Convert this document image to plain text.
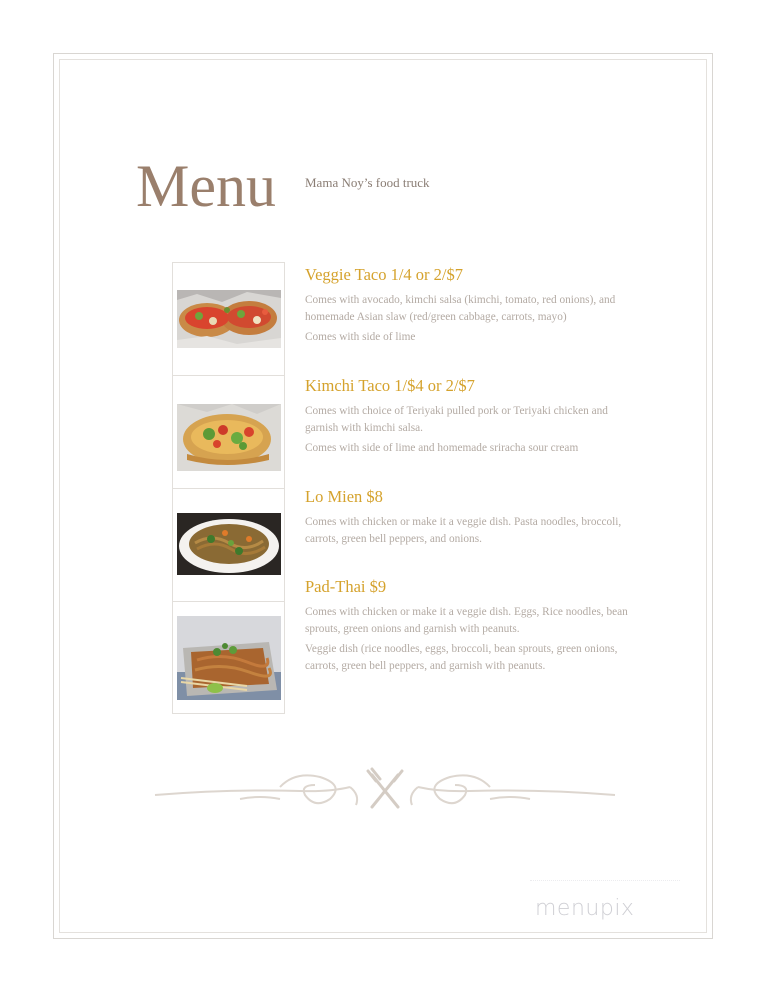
Menu Mama Noy’s food truck
Veggie Taco 1/4 or 2/$7

Comes with avocado, kimchi salsa (kimchi, tomato, red onions), and homemade Asian slaw (red/green cabbage, carrots, mayo)

Comes with side of lime

Kimchi Taco 1/$4 or 2/$7

Comes with choice of Teriyaki pulled pork or Teriyaki chicken and garnish with kimchi salsa.

Comes with side of lime and homemade sriracha sour cream

Lo Mien $8

Comes with chicken or make it a veggie dish. Pasta noodles, broccoli, carrots, green bell peppers, and onions.

Pad-Thai $9

Comes with chicken or make it a veggie dish. Eggs, Rice noodles, bean sprouts, green onions and garnish with peanuts.

Veggie dish (rice noodles, eggs, broccoli, bean sprouts, green onions, carrots, green bell peppers, and garnish with peanuts.

menupix
